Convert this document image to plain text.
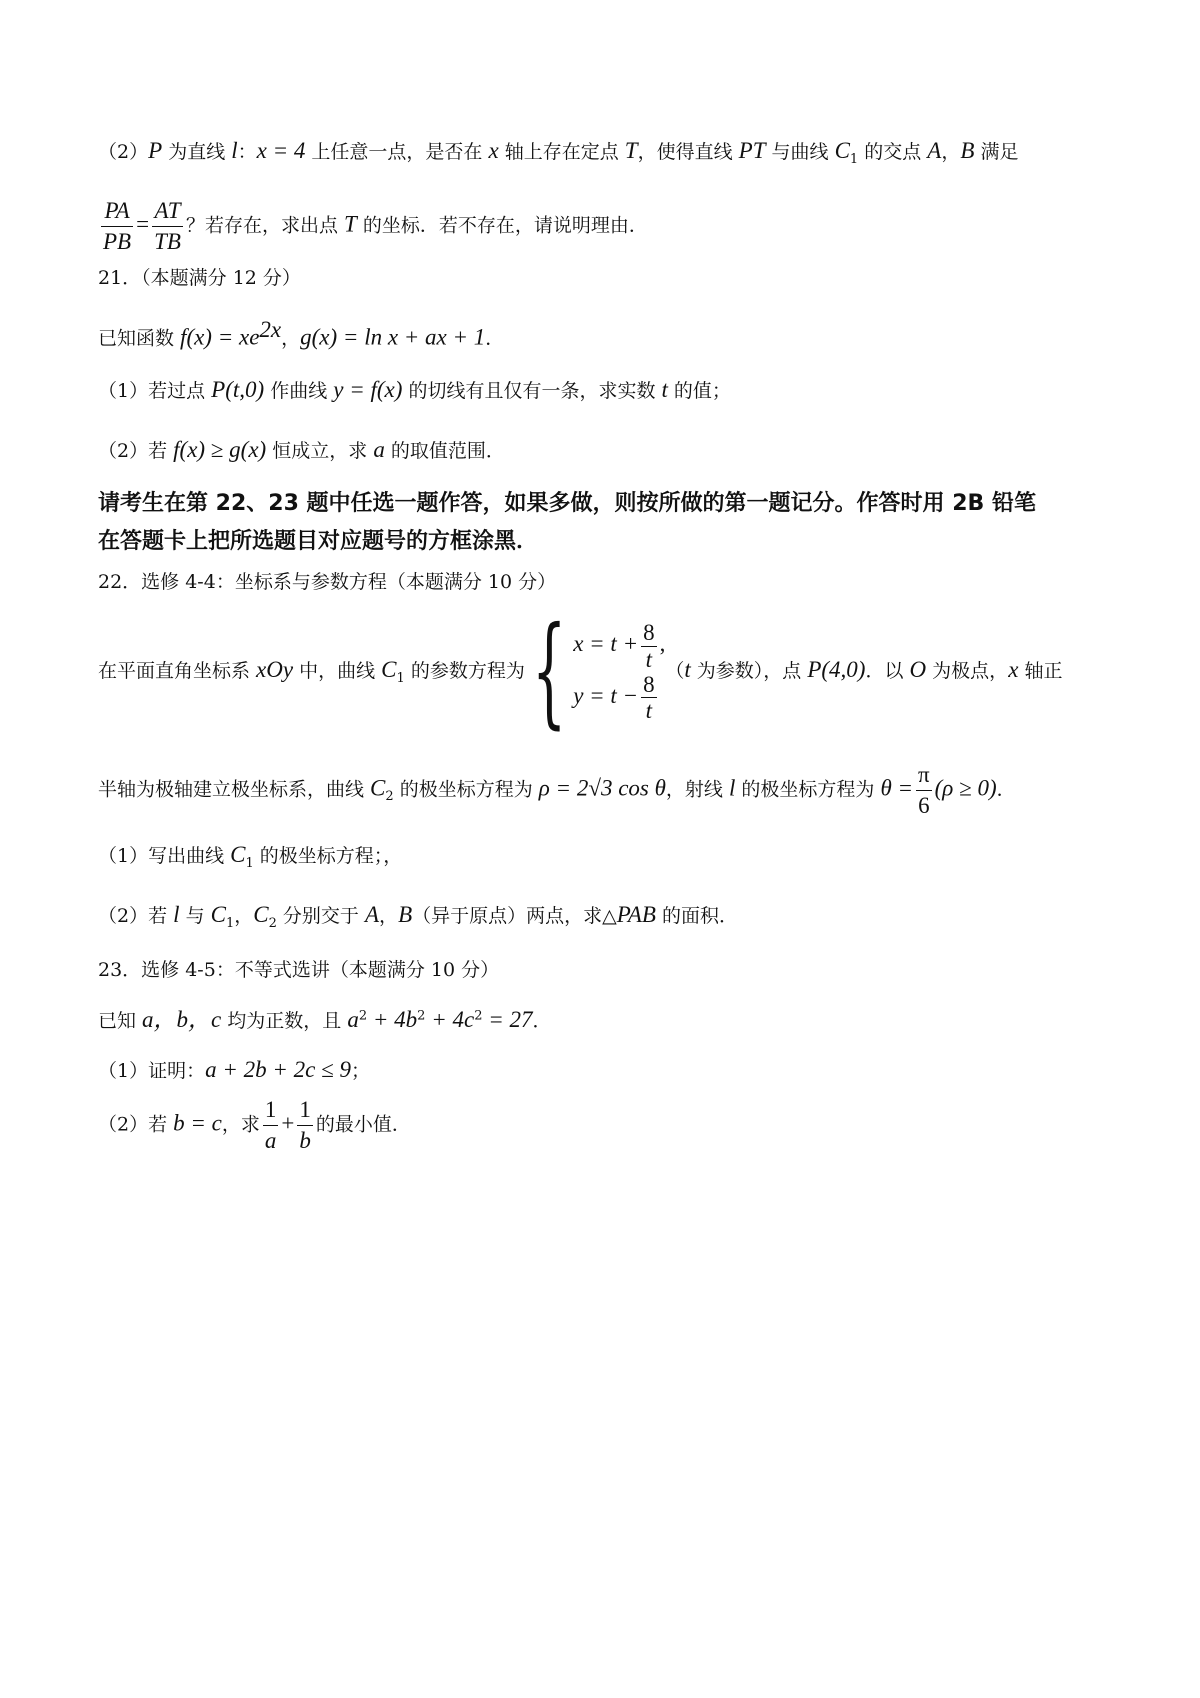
（2）P 为直线 l：x = 4 上任意一点，是否在 x 轴上存在定点 T，使得直线 PT 与曲线 $C_1$ 的交点 A，B 满足
$\frac{PA}{PB} = \frac{AT}{TB}$ ？若存在，求出点 T 的坐标．若不存在，请说明理由．
21．（本题满分 12 分）
已知函数 $f(x) = xe^{2x}$，g(x) = ln x + ax + 1．
（1）若过点 P(t,0) 作曲线 y = f(x) 的切线有且仅有一条，求实数 t 的值；
（2）若 f(x) ≥ g(x) 恒成立，求 a 的取值范围．
请考生在第 22、23 题中任选一题作答，如果多做，则按所做的第一题记分。作答时用 2B 铅笔
在答题卡上把所选题目对应题号的方框涂黑．
22．选修 4-4：坐标系与参数方程（本题满分 10 分）
在平面直角坐标系 xOy 中，曲线 $C_1$ 的参数方程为{ $x = t + \frac{8}{t}$ ,
$y = t - \frac{8}{t}$
（t 为参数），点 P(4,0)．以 O 为极点，x 轴正
半轴为极轴建立极坐标系，曲线 $C_2$ 的极坐标方程为 ρ = 2√3 cos θ，射线 l 的极坐标方程为 $\theta = \frac{\pi}{6} (\rho \ge 0)$．
（1）写出曲线 $C_1$ 的极坐标方程；，
（2）若 l 与 $C_1$，$C_2$ 分别交于 A，B（异于原点）两点，求△PAB 的面积．
23．选修 4-5：不等式选讲（本题满分 10 分）
已知 a，b，c 均为正数，且 $a^2 + 4b^2 + 4c^2 = 27$．
（1）证明：a + 2b + 2c ≤ 9；
（2）若 b = c，求 $\frac{1}{a} + \frac{1}{b}$ 的最小值．
